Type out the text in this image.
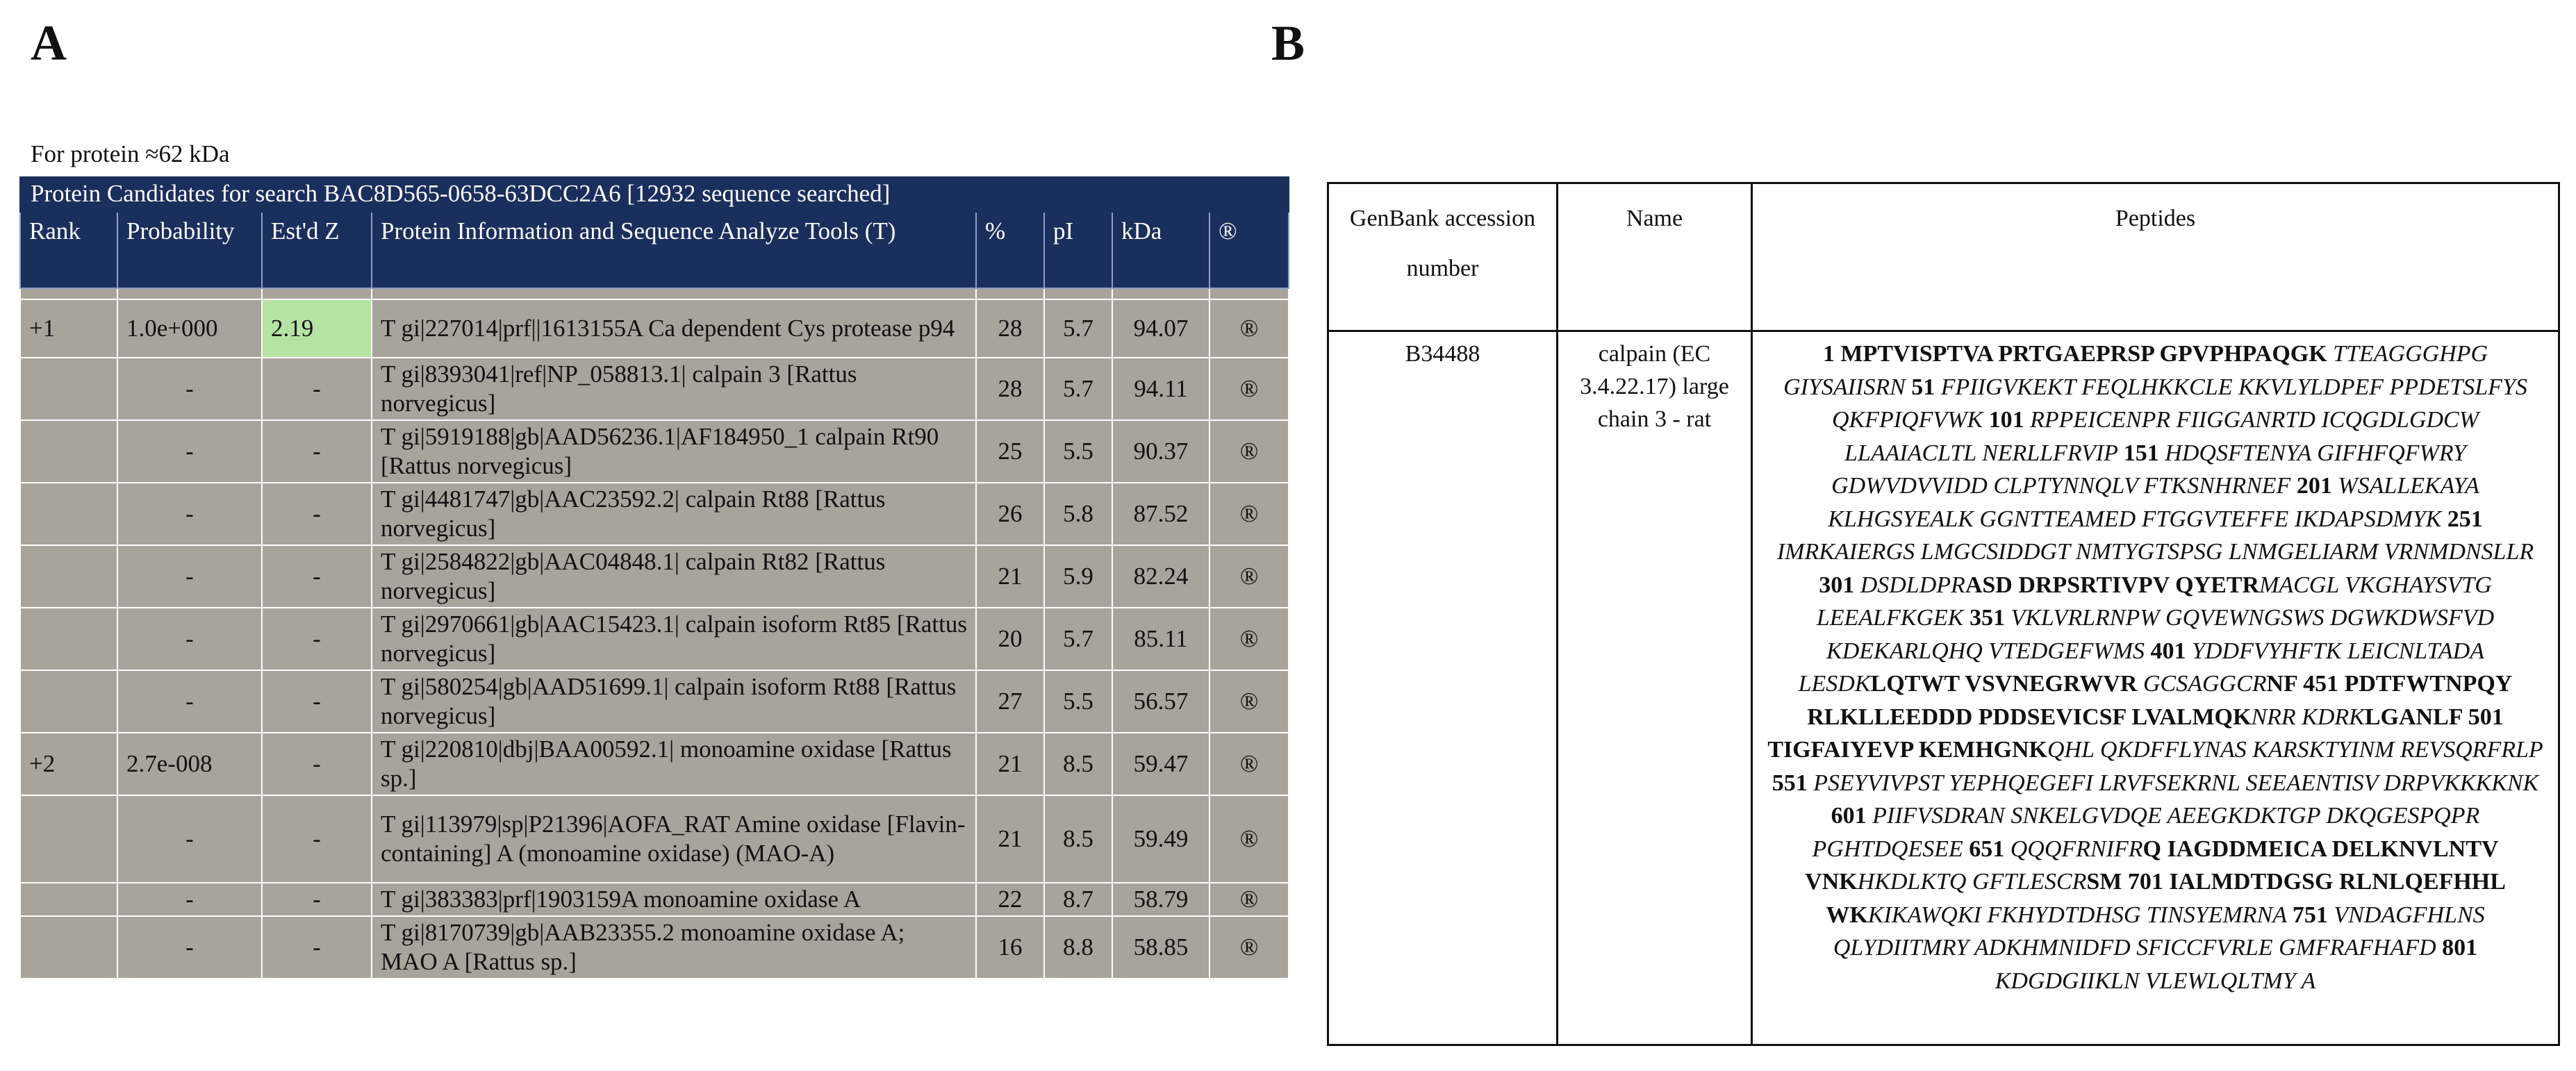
A	B
For protein ≈62 kDa
Protein Candidates for search BAC8D565-0658-63DCC2A6 [12932 sequence searched]							
Rank	Probability	Est'd Z	Protein Information and Sequence Analyze Tools (T)	%	pI	kDa	®

+1	1.0e+000	2.19	T gi|227014|prf||1613155A Ca dependent Cys protease p94	28	5.7	94.07	®
	-	-	T gi|8393041|ref|NP_058813.1| calpain 3 [Rattus norvegicus]	28	5.7	94.11	®
	-	-	T gi|5919188|gb|AAD56236.1|AF184950_1 calpain Rt90 [Rattus norvegicus]	25	5.5	90.37	®
	-	-	T gi|4481747|gb|AAC23592.2| calpain Rt88 [Rattus norvegicus]	26	5.8	87.52	®
	-	-	T gi|2584822|gb|AAC04848.1| calpain Rt82 [Rattus norvegicus]	21	5.9	82.24	®
	-	-	T gi|2970661|gb|AAC15423.1| calpain isoform Rt85 [Rattus norvegicus]	20	5.7	85.11	®
	-	-	T gi|580254|gb|AAD51699.1| calpain isoform Rt88 [Rattus norvegicus]	27	5.5	56.57	®
+2	2.7e-008	-	T gi|220810|dbj|BAA00592.1| monoamine oxidase [Rattus sp.]	21	8.5	59.47	®
	-	-	T gi|113979|sp|P21396|AOFA_RAT Amine oxidase [Flavin-containing] A (monoamine oxidase) (MAO-A)	21	8.5	59.49	®
	-	-	T gi|383383|prf|1903159A monoamine oxidase A	22	8.7	58.79	®
	-	-	T gi|8170739|gb|AAB23355.2 monoamine oxidase A; MAO A [Rattus sp.]	16	8.8	58.85	®
GenBank accession number	Name	Peptides
B34488	calpain (EC 3.4.22.17) large chain 3 - rat	1 MPTVISPTVA PRTGAEPRSP GPVPHPAQGK TTEAGGGHPG GIYSAIISRN 51 FPIIGVKEKT FEQLHKKCLE KKVLYLDPEF PPDETSLFYS QKFPIQFVWK 101 RPPEICENPR FIIGGANRTD ICQGDLGDCW LLAAIACLTL NERLLFRVIP 151 HDQSFTENYA GIFHFQFWRY GDWVDVVIDD CLPTYNNQLV FTKSNHRNEF 201 WSALLEKAYA KLHGSYEALK GGNTTEAMED FTGGVTEFFE IKDAPSDMYK 251 IMRKAIERGS LMGCSIDDGT NMTYGTSPSG LNMGELIARM VRNMDNSLLR 301 DSDLDPRASD DRPSRTIVPV QYETRMACGL VKGHAYSVTG LEEALFKGEK 351 VKLVRLRNPW GQVEWNGSWS DGWKDWSFVD KDEKARLQHQ VTEDGEFWMS 401 YDDFVYHFTK LEICNLTADA LESDKLQTWT VSVNEGRWVR GCSAGGCRNF 451 PDTFWTNPQY RLKLLEEDDD PDDSEVICSF LVALMQKNRR KDRKLGANLF 501 TIGFAIYEVP KEMHGNKQHL QKDFFLYNAS KARSKTYINM REVSQRFRLP 551 PSEYVIVPST YEPHQEGEFI LRVFSEKRNL SEEAENTISV DRPVKKKKNK 601 PIIFVSDRAN SNKELGVDQE AEEGKDKTGP DKQGESPQPR PGHTDQESEE 651 QQQFRNIFRQ IAGDDMEICA DELKNVLNTV VNKHKDLKTQ GFTLESCRSM 701 IALMDTDGSG RLNLQEFHHL WKKIKAWQKI FKHYDTDHSG TINSYEMRNA 751 VNDAGFHLNS QLYDIITMRY ADKHMNIDFD SFICCFVRLE GMFRAFHAFD 801 KDGDGIIKLN VLEWLQLTMY A
